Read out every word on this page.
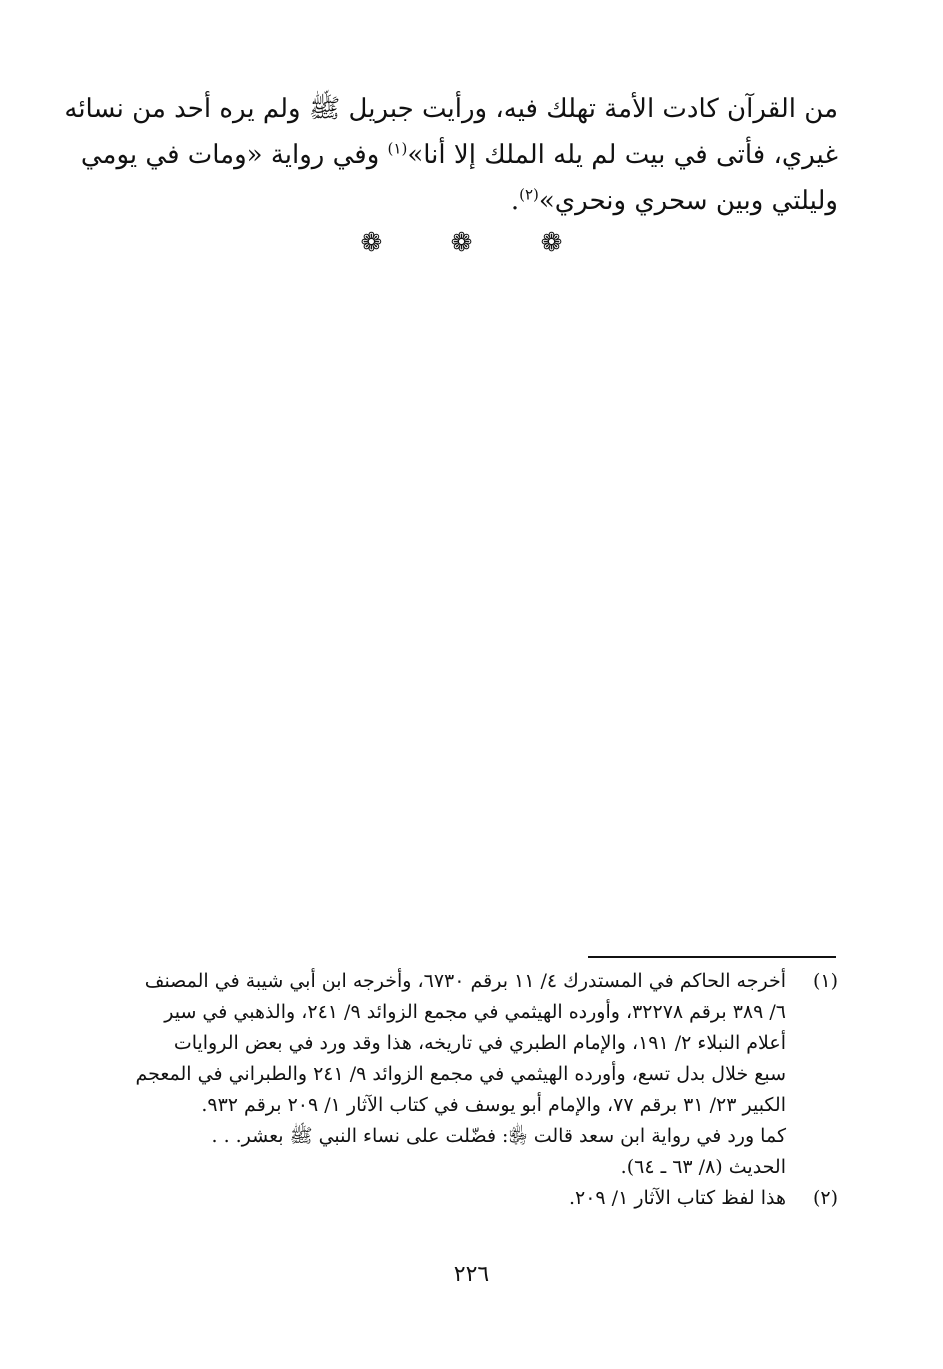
من القرآن كادت الأمة تهلك فيه، ورأيت جبريل ﷺ ولم يره أحد من نسائه
غيري، فأتى في بيت لم يله الملك إلا أنا»$^{(١)}$ وفي رواية «ومات في يومي
وليلتي وبين سحري ونحري»$^{(٢)}$.
❁ ❁ ❁
(١)
أخرجه الحاكم في المستدرك ٤/ ١١ برقم ٦٧٣٠، وأخرجه ابن أبي شيبة في المصنف
٦/ ٣٨٩ برقم ٣٢٢٧٨، وأورده الهيثمي في مجمع الزوائد ٩/ ٢٤١، والذهبي في سير
أعلام النبلاء ٢/ ١٩١، والإمام الطبري في تاريخه، هذا وقد ورد في بعض الروايات
سبع خلال بدل تسع، وأورده الهيثمي في مجمع الزوائد ٩/ ٢٤١ والطبراني في المعجم
الكبير ٢٣/ ٣١ برقم ٧٧، والإمام أبو يوسف في كتاب الآثار ١/ ٢٠٩ برقم ٩٣٢.
كما ورد في رواية ابن سعد قالت ﵂: فضّلت على نساء النبي ﷺ بعشر. . .
الحديث (٨/ ٦٣ ـ ٦٤).
(٢)
هذا لفظ كتاب الآثار ١/ ٢٠٩.
٢٢٦
